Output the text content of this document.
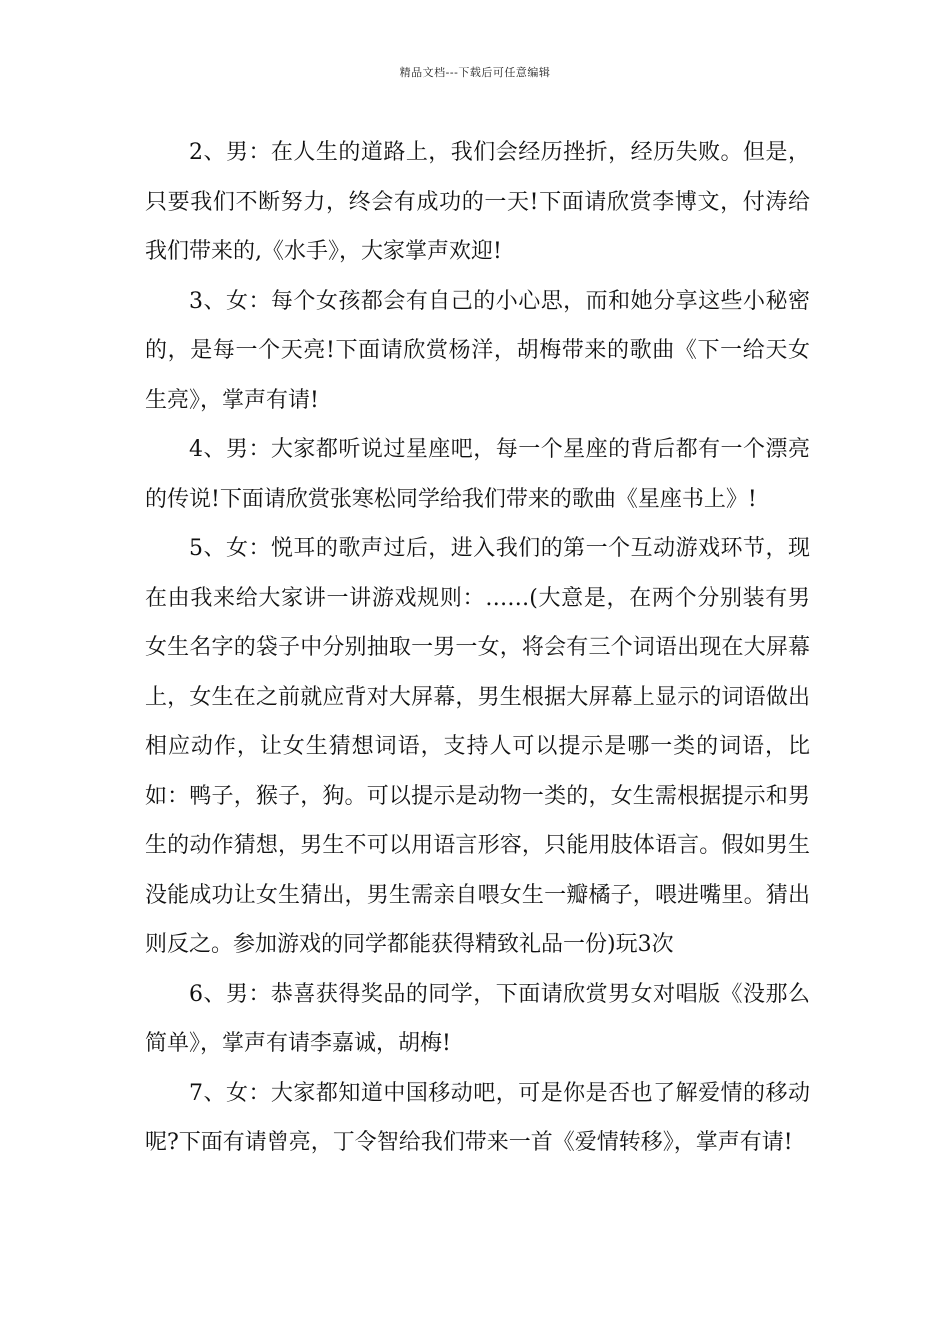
精品文档---下载后可任意编辑

2、男：在人生的道路上，我们会经历挫折，经历失败。但是，只要我们不断努力，终会有成功的一天!下面请欣赏李博文，付涛给我们带来的,《水手》，大家掌声欢迎!

3、女：每个女孩都会有自己的小心思，而和她分享这些小秘密的，是每一个天亮!下面请欣赏杨洋，胡梅带来的歌曲《下一给天女生亮》，掌声有请!

4、男：大家都听说过星座吧，每一个星座的背后都有一个漂亮的传说!下面请欣赏张寒松同学给我们带来的歌曲《星座书上》!

5、女：悦耳的歌声过后，进入我们的第一个互动游戏环节，现在由我来给大家讲一讲游戏规则：……(大意是，在两个分别装有男女生名字的袋子中分别抽取一男一女，将会有三个词语出现在大屏幕上，女生在之前就应背对大屏幕，男生根据大屏幕上显示的词语做出相应动作，让女生猜想词语，支持人可以提示是哪一类的词语，比如：鸭子，猴子，狗。可以提示是动物一类的，女生需根据提示和男生的动作猜想，男生不可以用语言形容，只能用肢体语言。假如男生没能成功让女生猜出，男生需亲自喂女生一瓣橘子，喂进嘴里。猜出则反之。参加游戏的同学都能获得精致礼品一份)玩3次

6、男：恭喜获得奖品的同学，下面请欣赏男女对唱版《没那么简单》，掌声有请李嘉诚，胡梅!

7、女：大家都知道中国移动吧，可是你是否也了解爱情的移动呢?下面有请曾亮，丁令智给我们带来一首《爱情转移》，掌声有请!
